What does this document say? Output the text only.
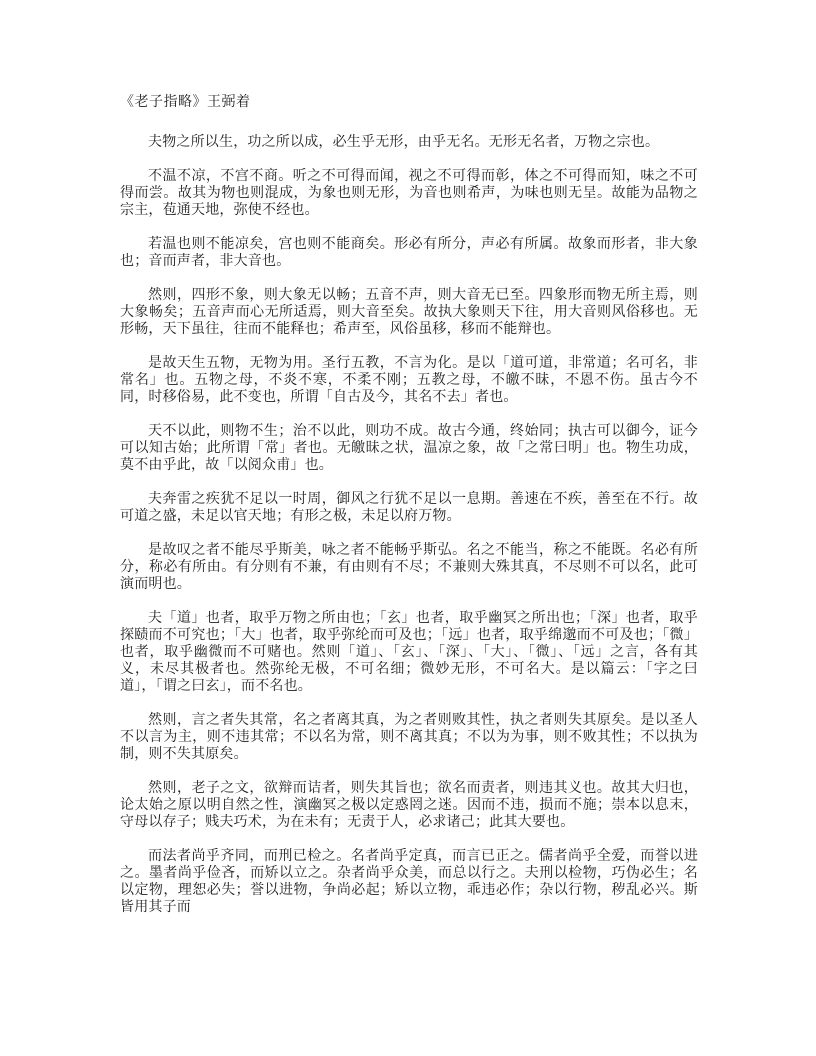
《老子指略》王弼着

夫物之所以生，功之所以成，必生乎无形，由乎无名。无形无名者，万物之宗也。

不温不凉，不宫不商。听之不可得而闻，视之不可得而彰，体之不可得而知，味之不可得而尝。故其为物也则混成，为象也则无形，为音也则希声，为味也则无呈。故能为品物之宗主，苞通天地，弥使不经也。

若温也则不能凉矣，宫也则不能商矣。形必有所分，声必有所属。故象而形者，非大象也；音而声者，非大音也。

然则，四形不象，则大象无以畅；五音不声，则大音无已至。四象形而物无所主焉，则大象畅矣；五音声而心无所适焉，则大音至矣。故执大象则天下往，用大音则风俗移也。无形畅，天下虽往，往而不能释也；希声至，风俗虽移，移而不能辩也。

是故天生五物，无物为用。圣行五教，不言为化。是以「道可道，非常道；名可名，非常名」也。五物之母，不炎不寒，不柔不刚；五教之母，不皦不昧，不恩不伤。虽古今不同，时移俗易，此不变也，所谓「自古及今，其名不去」者也。

天不以此，则物不生；治不以此，则功不成。故古今通，终始同；执古可以御今，证今可以知古始；此所谓「常」者也。无皦昧之状，温凉之象，故「之常曰明」也。物生功成，莫不由乎此，故「以阅众甫」也。

夫奔雷之疾犹不足以一时周，御风之行犹不足以一息期。善速在不疾，善至在不行。故可道之盛，未足以官天地；有形之极，未足以府万物。

是故叹之者不能尽乎斯美，咏之者不能畅乎斯弘。名之不能当，称之不能既。名必有所分，称必有所由。有分则有不兼，有由则有不尽；不兼则大殊其真，不尽则不可以名，此可演而明也。

夫「道」也者，取乎万物之所由也；「玄」也者，取乎幽冥之所出也；「深」也者，取乎探赜而不可究也；「大」也者，取乎弥纶而可及也；「远」也者，取乎绵邈而不可及也；「微」也者，取乎幽微而不可赌也。然则「道」、「玄」、「深」、「大」、「微」、「远」之言，各有其义，未尽其极者也。然弥纶无极，不可名细；微妙无形，不可名大。是以篇云：「字之曰道」，「谓之曰玄」，而不名也。

然则，言之者失其常，名之者离其真，为之者则败其性，执之者则失其原矣。是以圣人不以言为主，则不违其常；不以名为常，则不离其真；不以为为事，则不败其性；不以执为制，则不失其原矣。

然则，老子之文，欲辩而诘者，则失其旨也；欲名而责者，则违其义也。故其大归也，论太始之原以明自然之性，演幽冥之极以定惑罔之迷。因而不违，损而不施；崇本以息末，守母以存子；贱夫巧术，为在未有；无责于人，必求诸己；此其大要也。

而法者尚乎齐同，而刑已检之。名者尚乎定真，而言已正之。儒者尚乎全爱，而誉以进之。墨者尚乎俭吝，而矫以立之。杂者尚乎众美，而总以行之。夫刑以检物，巧伪必生；名以定物，理恕必失；誉以进物，争尚必起；矫以立物，乖违必作；杂以行物，秽乱必兴。斯皆用其子而
